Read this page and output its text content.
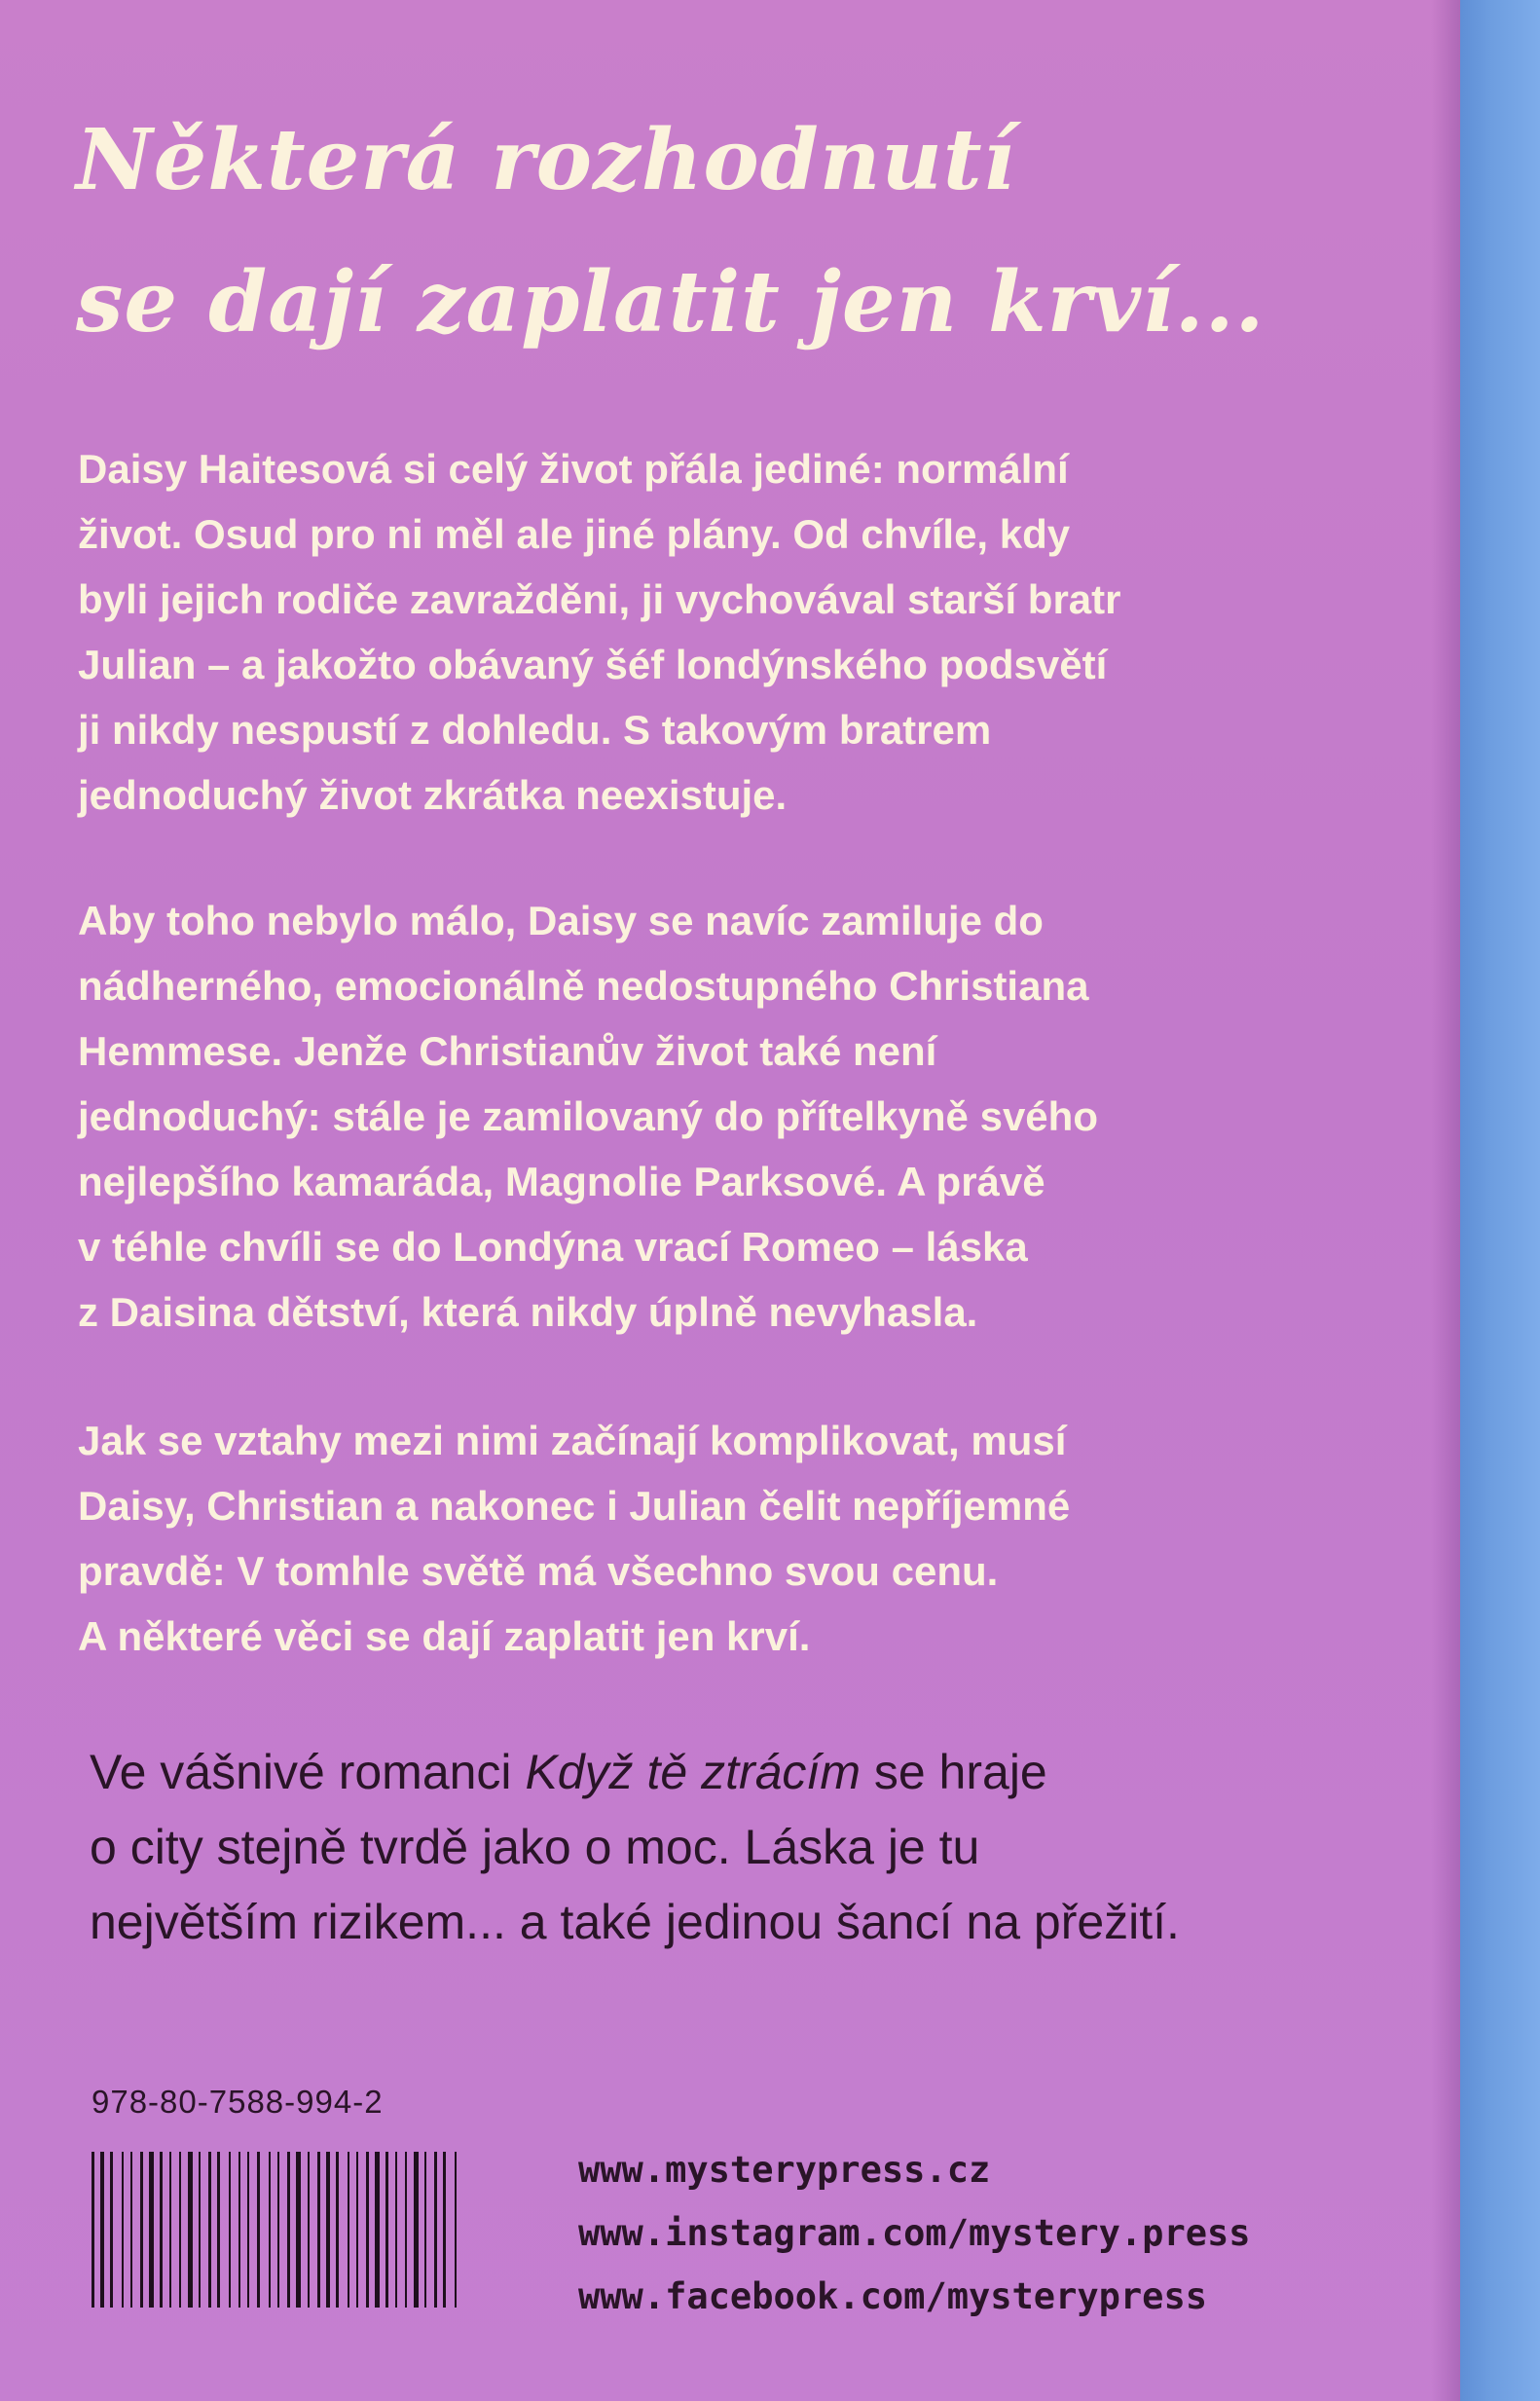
Některá rozhodnutí
se dají zaplatit jen krví...
Daisy Haitesová si celý život přála jediné: normální
život. Osud pro ni měl ale jiné plány. Od chvíle, kdy
byli jejich rodiče zavražděni, ji vychovával starší bratr
Julian – a jakožto obávaný šéf londýnského podsvětí
ji nikdy nespustí z dohledu. S takovým bratrem
jednoduchý život zkrátka neexistuje.
Aby toho nebylo málo, Daisy se navíc zamiluje do
nádherného, emocionálně nedostupného Christiana
Hemmese. Jenže Christianův život také není
jednoduchý: stále je zamilovaný do přítelkyně svého
nejlepšího kamaráda, Magnolie Parksové. A právě
v téhle chvíli se do Londýna vrací Romeo – láska
z Daisina dětství, která nikdy úplně nevyhasla.
Jak se vztahy mezi nimi začínají komplikovat, musí
Daisy, Christian a nakonec i Julian čelit nepříjemné
pravdě: V tomhle světě má všechno svou cenu.
A některé věci se dají zaplatit jen krví.
Ve vášnivé romanci Když tě ztrácím se hraje
o city stejně tvrdě jako o moc. Láska je tu
největším rizikem... a také jedinou šancí na přežití.
978-80-7588-994-2
www.mysterypress.cz
www.instagram.com/mystery.press
www.facebook.com/mysterypress
